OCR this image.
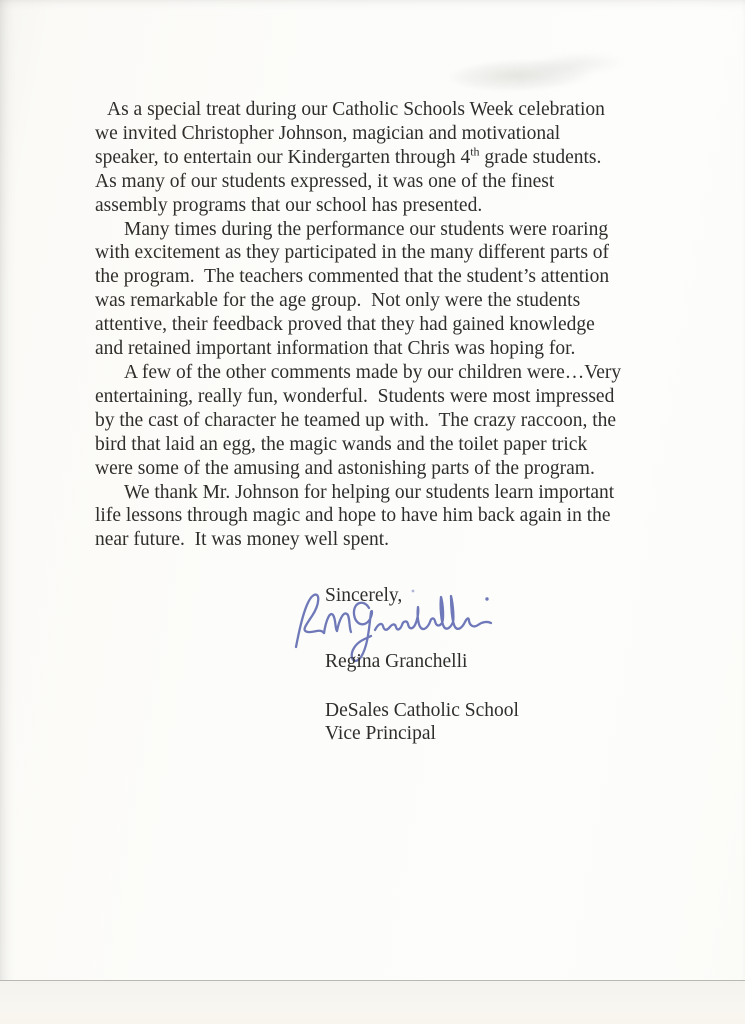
As a special treat during our Catholic Schools Week celebration
we invited Christopher Johnson, magician and motivational
speaker, to entertain our Kindergarten through 4th grade students.
As many of our students expressed, it was one of the finest
assembly programs that our school has presented.

Many times during the performance our students were roaring
with excitement as they participated in the many different parts of
the program.  The teachers commented that the student’s attention
was remarkable for the age group.  Not only were the students
attentive, their feedback proved that they had gained knowledge
and retained important information that Chris was hoping for.

A few of the other comments made by our children were…Very
entertaining, really fun, wonderful.  Students were most impressed
by the cast of character he teamed up with.  The crazy raccoon, the
bird that laid an egg, the magic wands and the toilet paper trick
were some of the amusing and astonishing parts of the program.

We thank Mr. Johnson for helping our students learn important
life lessons through magic and hope to have him back again in the
near future.  It was money well spent.

Sincerely,
Regina Granchelli
DeSales Catholic School
Vice Principal
